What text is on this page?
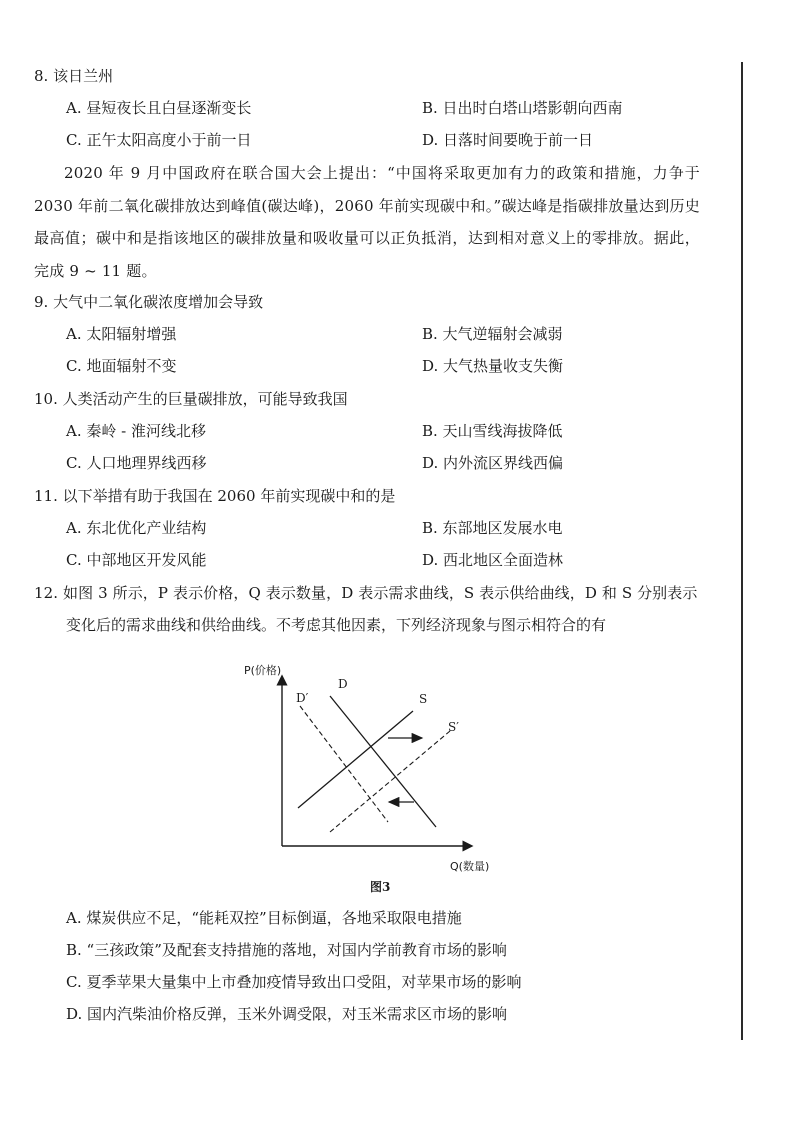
8. 该日兰州
A. 昼短夜长且白昼逐渐变长	B. 日出时白塔山塔影朝向西南
C. 正午太阳高度小于前一日	D. 日落时间要晚于前一日
2020 年 9 月中国政府在联合国大会上提出：“中国将采取更加有力的政策和措施，力争于2030 年前二氧化碳排放达到峰值(碳达峰)，2060 年前实现碳中和。”碳达峰是指碳排放量达到历史最高值；碳中和是指该地区的碳排放量和吸收量可以正负抵消，达到相对意义上的零排放。据此，完成 9 ~ 11 题。
9. 大气中二氧化碳浓度增加会导致
A. 太阳辐射增强	B. 大气逆辐射会减弱
C. 地面辐射不变	D. 大气热量收支失衡
10. 人类活动产生的巨量碳排放，可能导致我国
A. 秦岭 - 淮河线北移	B. 天山雪线海拔降低
C. 人口地理界线西移	D. 内外流区界线西偏
11. 以下举措有助于我国在 2060 年前实现碳中和的是
A. 东北优化产业结构	B. 东部地区发展水电
C. 中部地区开发风能	D. 西北地区全面造林
12. 如图 3 所示，P 表示价格，Q 表示数量，D 表示需求曲线，S 表示供给曲线，D 和 S 分别表示
变化后的需求曲线和供给曲线。不考虑其他因素，下列经济现象与图示相符合的有
P(价格)
Q(数量)
D
D′	S
S′
图3
A. 煤炭供应不足，“能耗双控”目标倒逼，各地采取限电措施
B. “三孩政策”及配套支持措施的落地，对国内学前教育市场的影响
C. 夏季苹果大量集中上市叠加疫情导致出口受阻，对苹果市场的影响
D. 国内汽柴油价格反弹，玉米外调受限，对玉米需求区市场的影响
